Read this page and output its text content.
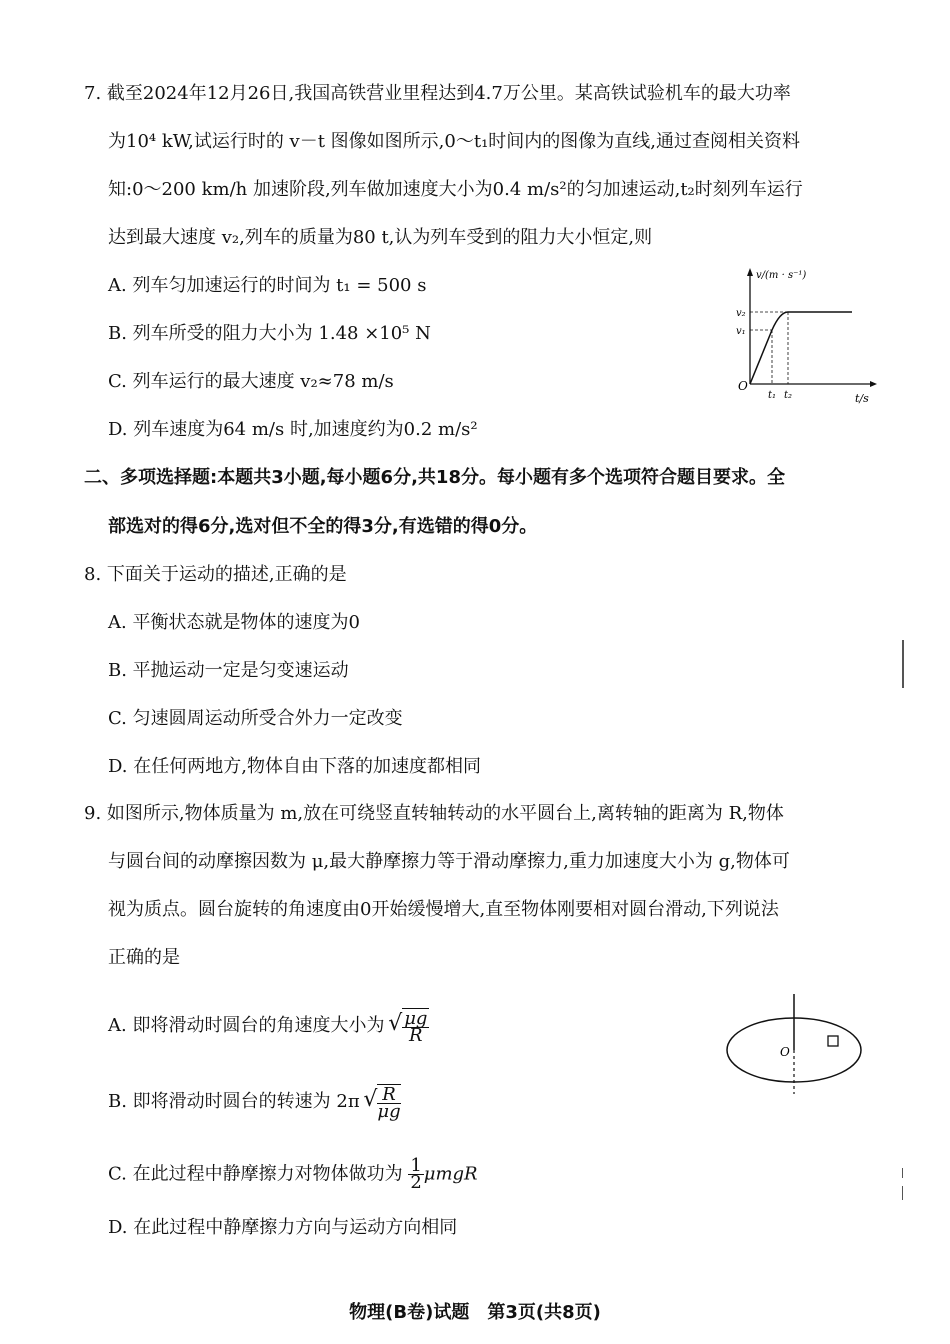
7. 截至2024年12月26日,我国高铁营业里程达到4.7万公里。某高铁试验机车的最大功率
为10⁴ kW,试运行时的 v－t 图像如图所示,0～t₁时间内的图像为直线,通过查阅相关资料
知:0～200 km/h 加速阶段,列车做加速度大小为0.4 m/s²的匀加速运动,t₂时刻列车运行
达到最大速度 v₂,列车的质量为80 t,认为列车受到的阻力大小恒定,则
A. 列车匀加速运行的时间为 t₁ = 500 s
B. 列车所受的阻力大小为 1.48 ×10⁵ N
C. 列车运行的最大速度 v₂≈78 m/s
D. 列车速度为64 m/s 时,加速度约为0.2 m/s²
v/(m · s⁻¹)
t/s
O
v₁
v₂
t₁ t₂
二、多项选择题:本题共3小题,每小题6分,共18分。每小题有多个选项符合题目要求。全
部选对的得6分,选对但不全的得3分,有选错的得0分。
8. 下面关于运动的描述,正确的是
A. 平衡状态就是物体的速度为0
B. 平抛运动一定是匀变速运动
C. 匀速圆周运动所受合外力一定改变
D. 在任何两地方,物体自由下落的加速度都相同
9. 如图所示,物体质量为 m,放在可绕竖直转轴转动的水平圆台上,离转轴的距离为 R,物体
与圆台间的动摩擦因数为 μ,最大静摩擦力等于滑动摩擦力,重力加速度大小为 g,物体可
视为质点。圆台旋转的角速度由0开始缓慢增大,直至物体刚要相对圆台滑动,下列说法
正确的是
A. 即将滑动时圆台的角速度大小为 √ $\frac{\mu g}{R}$
B. 即将滑动时圆台的转速为 2π √ $\frac{R}{\mu g}$
C. 在此过程中静摩擦力对物体做功为 $\frac{1}{2}$ μmgR
D. 在此过程中静摩擦力方向与运动方向相同
O
物理(B卷)试题　第3页(共8页)
